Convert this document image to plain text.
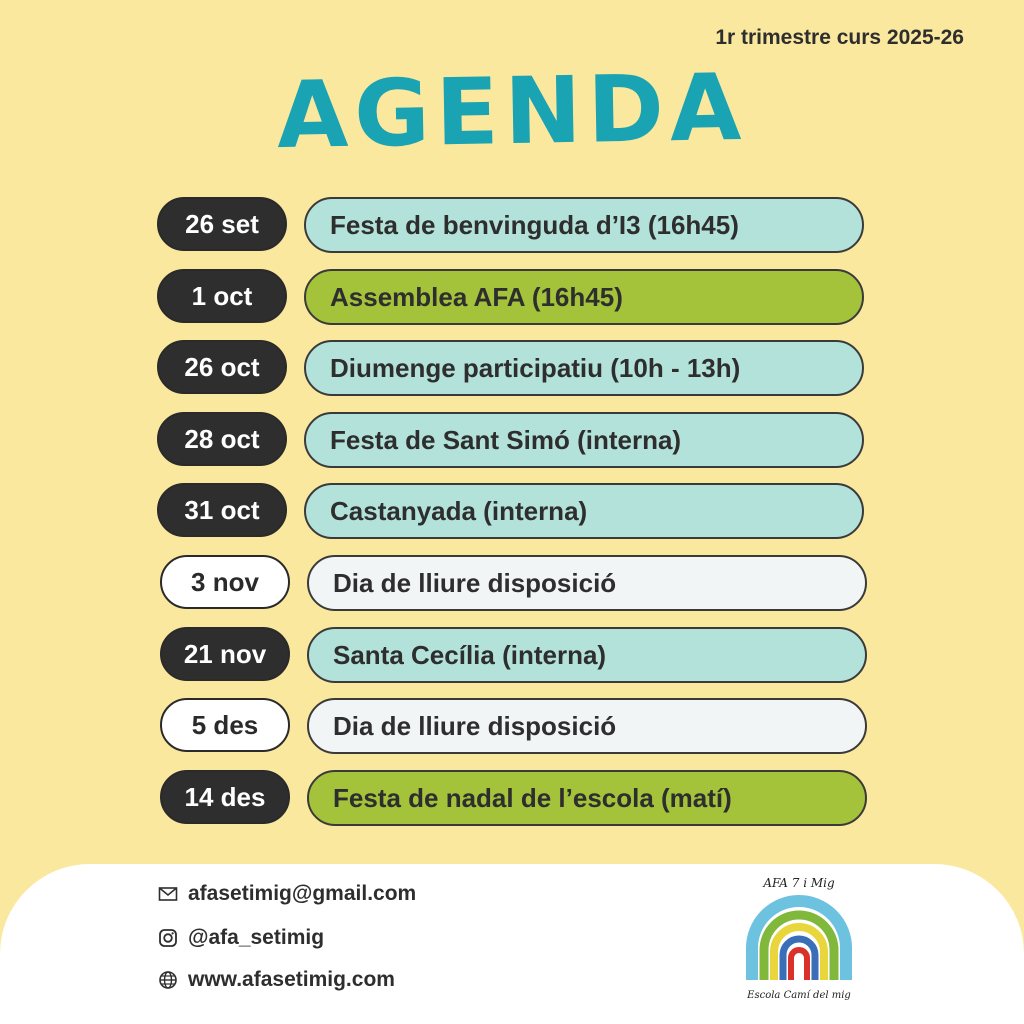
1r trimestre curs 2025-26
AGENDA
26 set	Festa de benvinguda d’I3 (16h45)
1 oct	Assemblea AFA (16h45)
26 oct	Diumenge participatiu (10h - 13h)
28 oct	Festa de Sant Simó (interna)
31 oct	Castanyada (interna)
3 nov	Dia de lliure disposició
21 nov	Santa Cecília (interna)
5 des	Dia de lliure disposició
14 des	Festa de nadal de l’escola (matí)
afasetimig@gmail.com
@afa_setimig
www.afasetimig.com
AFA 7 i Mig
Escola Camí del mig
